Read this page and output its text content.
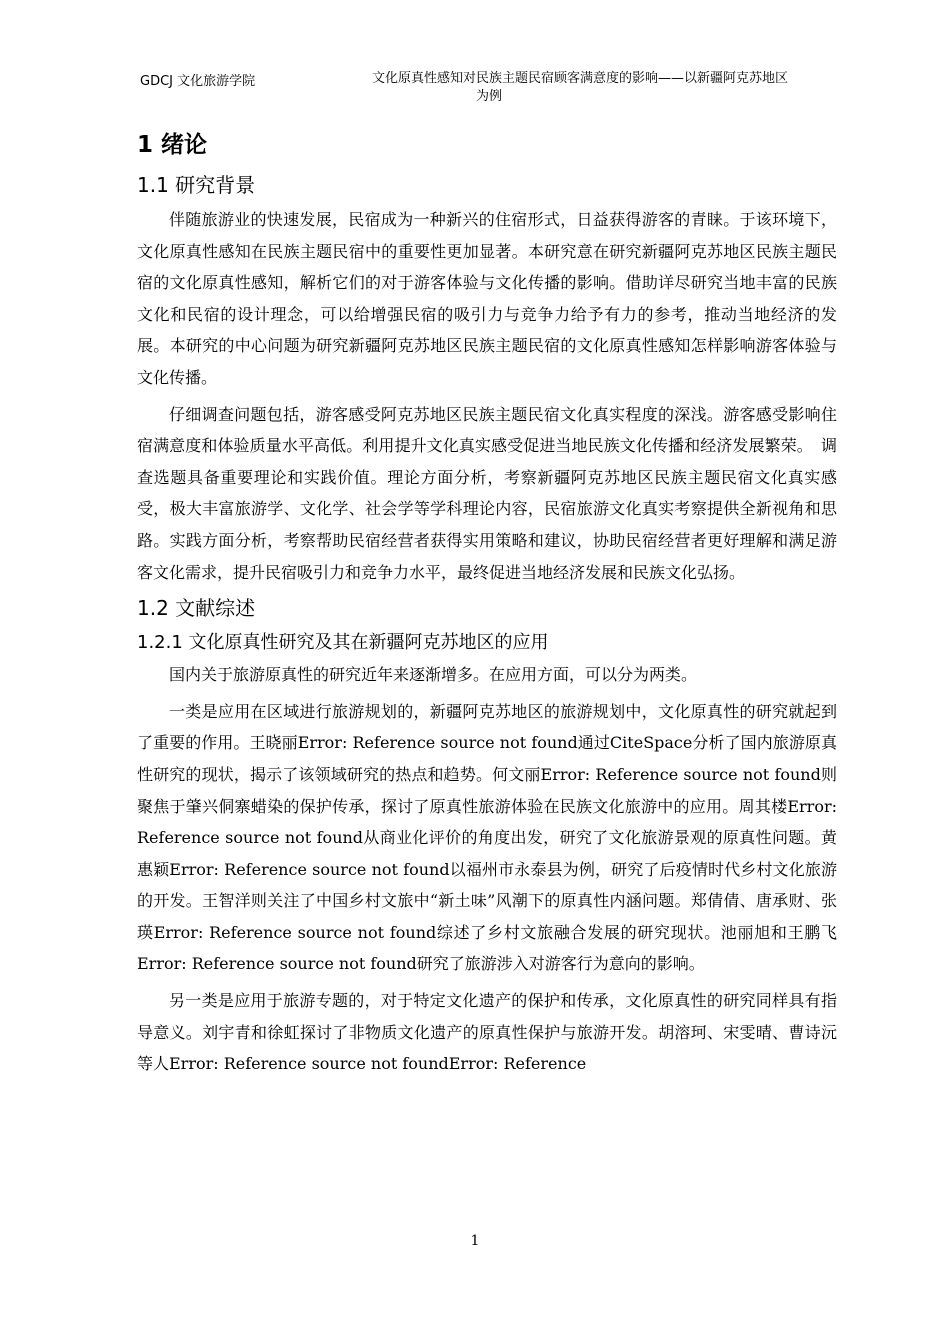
GDCJ 文化旅游学院	文化原真性感知对民族主题民宿顾客满意度的影响——以新疆阿克苏地区
为例
1 绪论
1.1 研究背景

伴随旅游业的快速发展，民宿成为一种新兴的住宿形式，日益获得游客的青睐。于该环境下，文化原真性感知在民族主题民宿中的重要性更加显著。本研究意在研究新疆阿克苏地区民族主题民宿的文化原真性感知，解析它们的对于游客体验与文化传播的影响。借助详尽研究当地丰富的民族文化和民宿的设计理念，可以给增强民宿的吸引力与竞争力给予有力的参考，推动当地经济的发展。本研究的中心问题为研究新疆阿克苏地区民族主题民宿的文化原真性感知怎样影响游客体验与文化传播。

仔细调查问题包括，游客感受阿克苏地区民族主题民宿文化真实程度的深浅。游客感受影响住宿满意度和体验质量水平高低。利用提升文化真实感受促进当地民族文化传播和经济发展繁荣。　调查选题具备重要理论和实践价值。理论方面分析，考察新疆阿克苏地区民族主题民宿文化真实感受，极大丰富旅游学、文化学、社会学等学科理论内容，民宿旅游文化真实考察提供全新视角和思路。实践方面分析，考察帮助民宿经营者获得实用策略和建议，协助民宿经营者更好理解和满足游客文化需求，提升民宿吸引力和竞争力水平，最终促进当地经济发展和民族文化弘扬。

1.2 文献综述
1.2.1 文化原真性研究及其在新疆阿克苏地区的应用

国内关于旅游原真性的研究近年来逐渐增多。在应用方面，可以分为两类。

一类是应用在区域进行旅游规划的，新疆阿克苏地区的旅游规划中，文化原真性的研究就起到了重要的作用。王晓丽Error: Reference source not found通过CiteSpace分析了国内旅游原真性研究的现状，揭示了该领域研究的热点和趋势。何文丽Error: Reference source not found则聚焦于肇兴侗寨蜡染的保护传承，探讨了原真性旅游体验在民族文化旅游中的应用。周其楼Error: Reference source not found从商业化评价的角度出发，研究了文化旅游景观的原真性问题。黄惠颖Error: Reference source not found以福州市永泰县为例，研究了后疫情时代乡村文化旅游的开发。王智洋则关注了中国乡村文旅中“新土味”风潮下的原真性内涵问题。郑倩倩、唐承财、张瑛Error: Reference source not found综述了乡村文旅融合发展的研究现状。池丽旭和王鹏飞Error: Reference source not found研究了旅游涉入对游客行为意向的影响。

另一类是应用于旅游专题的，对于特定文化遗产的保护和传承，文化原真性的研究同样具有指导意义。刘宇青和徐虹探讨了非物质文化遗产的原真性保护与旅游开发。胡溶珂、宋雯晴、曹诗沅等人Error: Reference source not foundError: Reference

1
